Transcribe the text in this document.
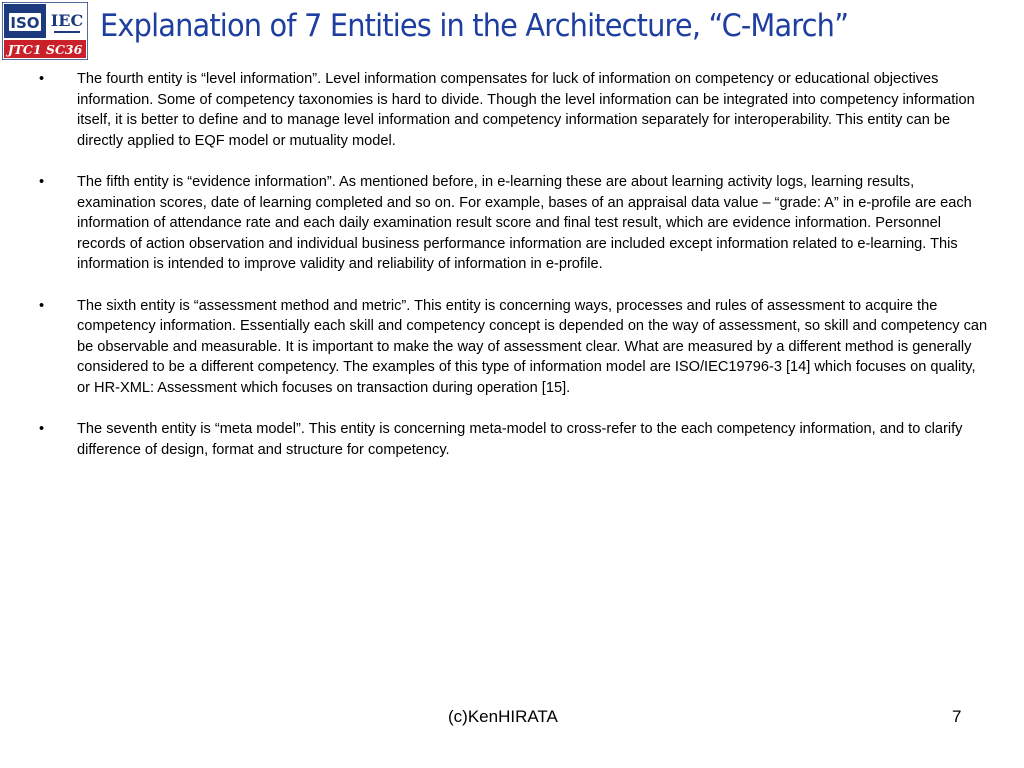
ISO IEC
JTC1 SC36
Explanation of 7 Entities in the Architecture, “C-March”
• The fourth entity is “level information”. Level information compensates for luck of information on competency or educational objectives information. Some of competency taxonomies is hard to divide. Though the level information can be integrated into competency information itself, it is better to define and to manage level information and competency information separately for interoperability. This entity can be directly applied to EQF model or mutuality model.
• The fifth entity is “evidence information”. As mentioned before, in e-learning these are about learning activity logs, learning results, examination scores, date of learning completed and so on. For example, bases of an appraisal data value – “grade: A” in e-profile are each information of attendance rate and each daily examination result score and final test result, which are evidence information. Personnel records of action observation and individual business performance information are included except information related to e-learning. This information is intended to improve validity and reliability of information in e-profile.
• The sixth entity is “assessment method and metric”. This entity is concerning ways, processes and rules of assessment to acquire the competency information. Essentially each skill and competency concept is depended on the way of assessment, so skill and competency can be observable and measurable. It is important to make the way of assessment clear. What are measured by a different method is generally considered to be a different competency. The examples of this type of information model are ISO/IEC19796-3 [14] which focuses on quality, or HR-XML: Assessment which focuses on transaction during operation [15].
• The seventh entity is “meta model”. This entity is concerning meta-model to cross-refer to the each competency information, and to clarify difference of design, format and structure for competency.
(c)KenHIRATA	7
